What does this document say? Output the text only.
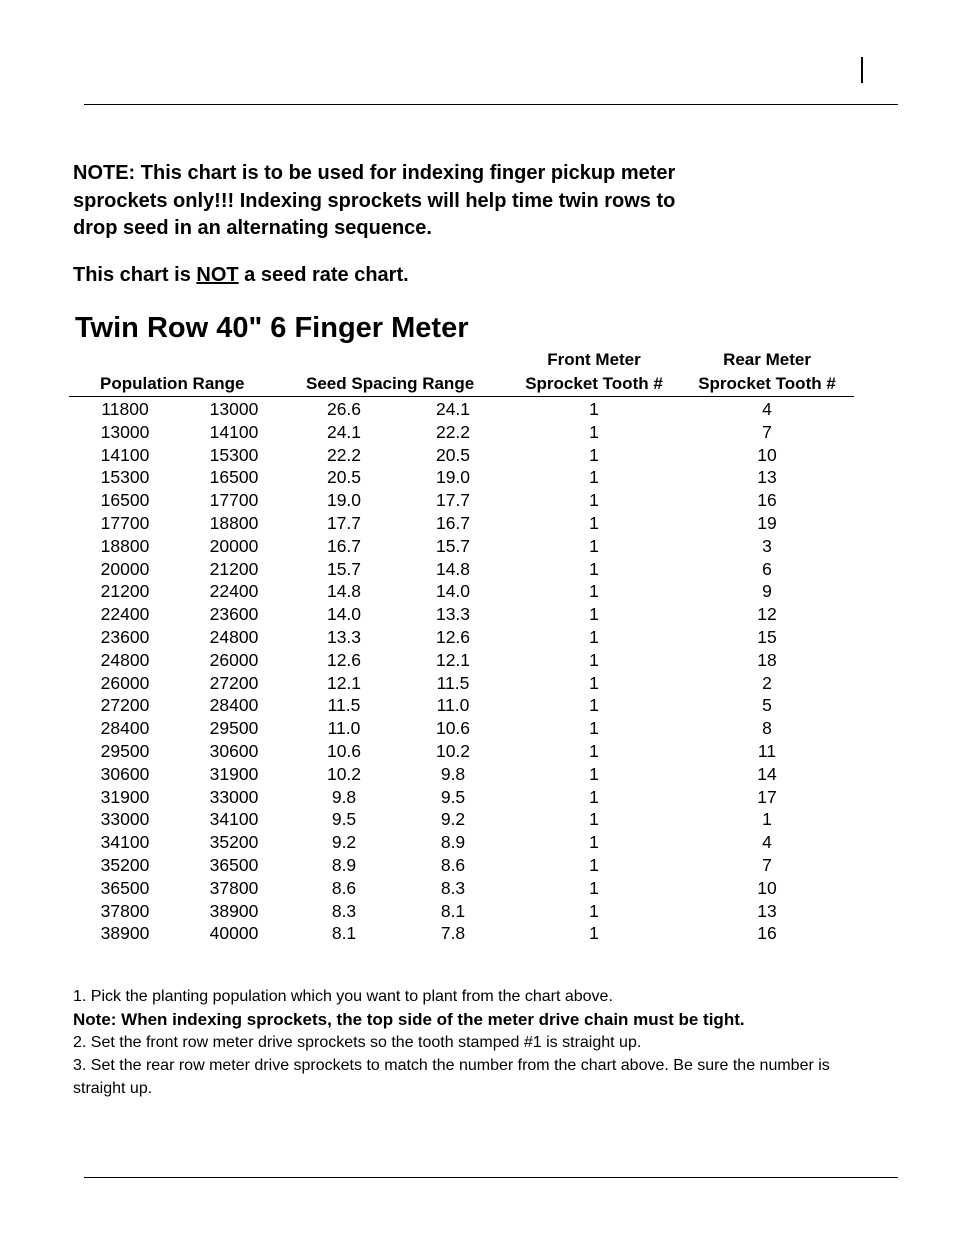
NOTE: This chart is to be used for indexing finger pickup meter
sprockets only!!! Indexing sprockets will help time twin rows to
drop seed in an alternating sequence.

This chart is NOT a seed rate chart.

Twin Row 40" 6 Finger Meter
Population Range	Seed Spacing Range
Front Meter
Sprocket Tooth #
Rear Meter
Sprocket Tooth #
11800	13000	26.6	24.1	1	4
13000	14100	24.1	22.2	1	7
14100	15300	22.2	20.5	1	10
15300	16500	20.5	19.0	1	13
16500	17700	19.0	17.7	1	16
17700	18800	17.7	16.7	1	19
18800	20000	16.7	15.7	1	3
20000	21200	15.7	14.8	1	6
21200	22400	14.8	14.0	1	9
22400	23600	14.0	13.3	1	12
23600	24800	13.3	12.6	1	15
24800	26000	12.6	12.1	1	18
26000	27200	12.1	11.5	1	2
27200	28400	11.5	11.0	1	5
28400	29500	11.0	10.6	1	8
29500	30600	10.6	10.2	1	11
30600	31900	10.2	9.8	1	14
31900	33000	9.8	9.5	1	17
33000	34100	9.5	9.2	1	1
34100	35200	9.2	8.9	1	4
35200	36500	8.9	8.6	1	7
36500	37800	8.6	8.3	1	10
37800	38900	8.3	8.1	1	13
38900	40000	8.1	7.8	1	16

1. Pick the planting population which you want to plant from the chart above.

Note: When indexing sprockets, the top side of the meter drive chain must be tight.

2. Set the front row meter drive sprockets so the tooth stamped #1 is straight up.

3. Set the rear row meter drive sprockets to match the number from the chart above. Be sure the number is straight up.
